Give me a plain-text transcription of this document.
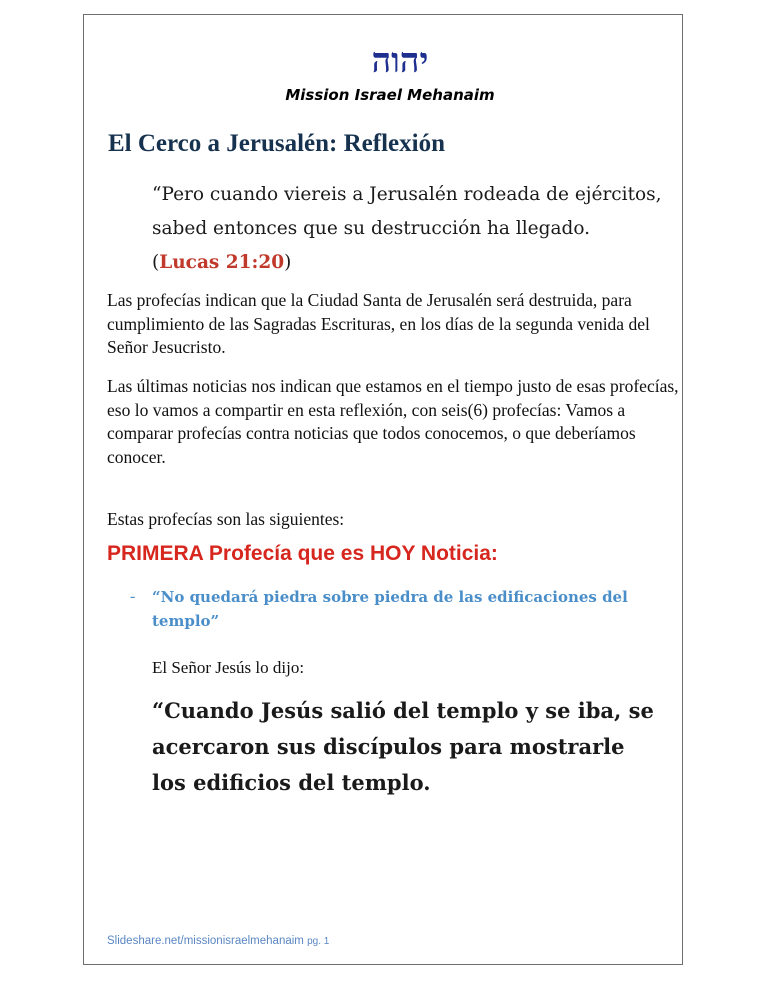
יהוה
Mission Israel Mehanaim
El Cerco a Jerusalén: Reflexión
“Pero cuando viereis a Jerusalén rodeada de ejércitos, sabed entonces que su destrucción ha llegado. (Lucas 21:20)
Las profecías indican que la Ciudad Santa de Jerusalén será destruida, para cumplimiento de las Sagradas Escrituras, en los días de la segunda venida del Señor Jesucristo.
Las últimas noticias nos indican que estamos en el tiempo justo de esas profecías, eso lo vamos a compartir en esta reflexión, con seis(6) profecías: Vamos a comparar profecías contra noticias que todos conocemos, o que deberíamos conocer.
Estas profecías son las siguientes:
PRIMERA Profecía que es HOY Noticia:
- “No quedará piedra sobre piedra de las edificaciones del templo”
El Señor Jesús lo dijo:
“Cuando Jesús salió del templo y se iba, se acercaron sus discípulos para mostrarle los edificios del templo.
Slideshare.net/missionisraelmehanaim pg. 1
